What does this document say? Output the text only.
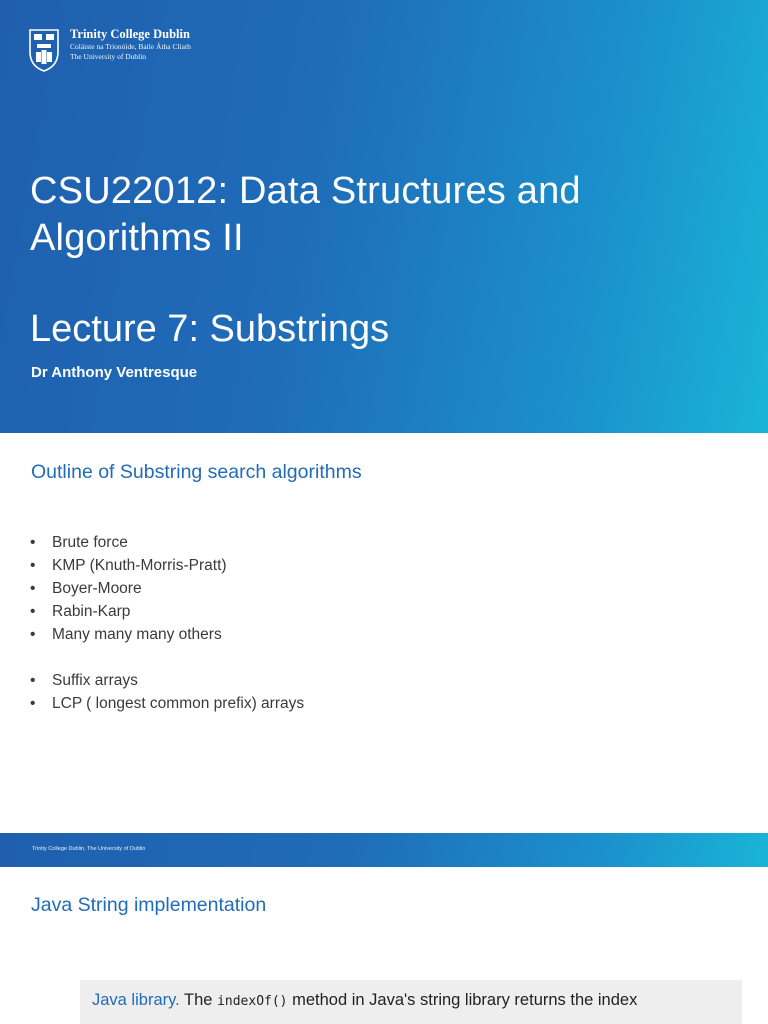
Trinity College Dublin
Coláiste na Tríonóide, Baile Átha Cliath
The University of Dublin
CSU22012: Data Structures and
Algorithms II
Lecture 7: Substrings
Dr Anthony Ventresque
Outline of Substring search algorithms
• Brute force
• KMP (Knuth-Morris-Pratt)
• Boyer-Moore
• Rabin-Karp
• Many many many others
• Suffix arrays
• LCP ( longest common prefix) arrays
Trinity College Dublin, The University of Dublin
Java String implementation
Java library. The indexOf() method in Java's string library returns the index
